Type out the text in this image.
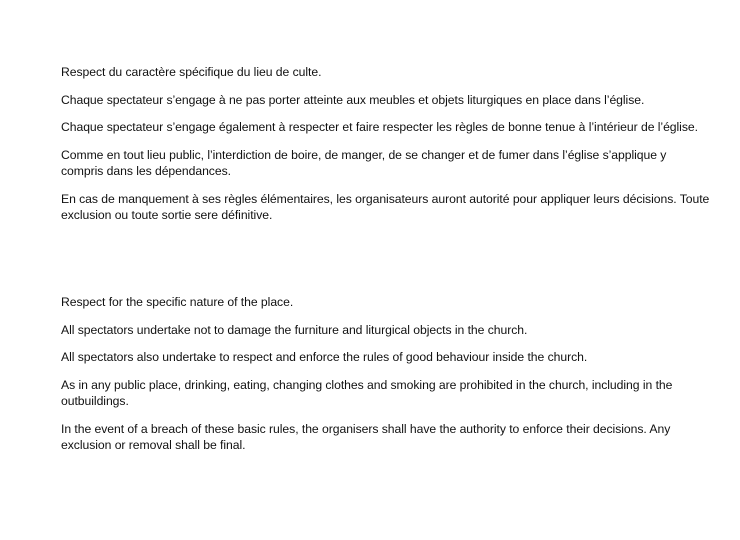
Respect du caractère spécifique du lieu de culte.

Chaque spectateur s’engage à ne pas porter atteinte aux meubles et objets liturgiques en place dans l’église.

Chaque spectateur s’engage également à respecter et faire respecter les règles de bonne tenue à l’intérieur de l’église.

Comme en tout lieu public, l’interdiction de boire, de manger, de se changer et de fumer dans l’église s’applique y compris dans les dépendances.

En cas de manquement à ses règles élémentaires, les organisateurs auront autorité pour appliquer leurs décisions. Toute exclusion ou toute sortie sere définitive.

Respect for the specific nature of the place.

All spectators undertake not to damage the furniture and liturgical objects in the church.

All spectators also undertake to respect and enforce the rules of good behaviour inside the church.

As in any public place, drinking, eating, changing clothes and smoking are prohibited in the church, including in the outbuildings.

In the event of a breach of these basic rules, the organisers shall have the authority to enforce their decisions. Any exclusion or removal shall be final.
